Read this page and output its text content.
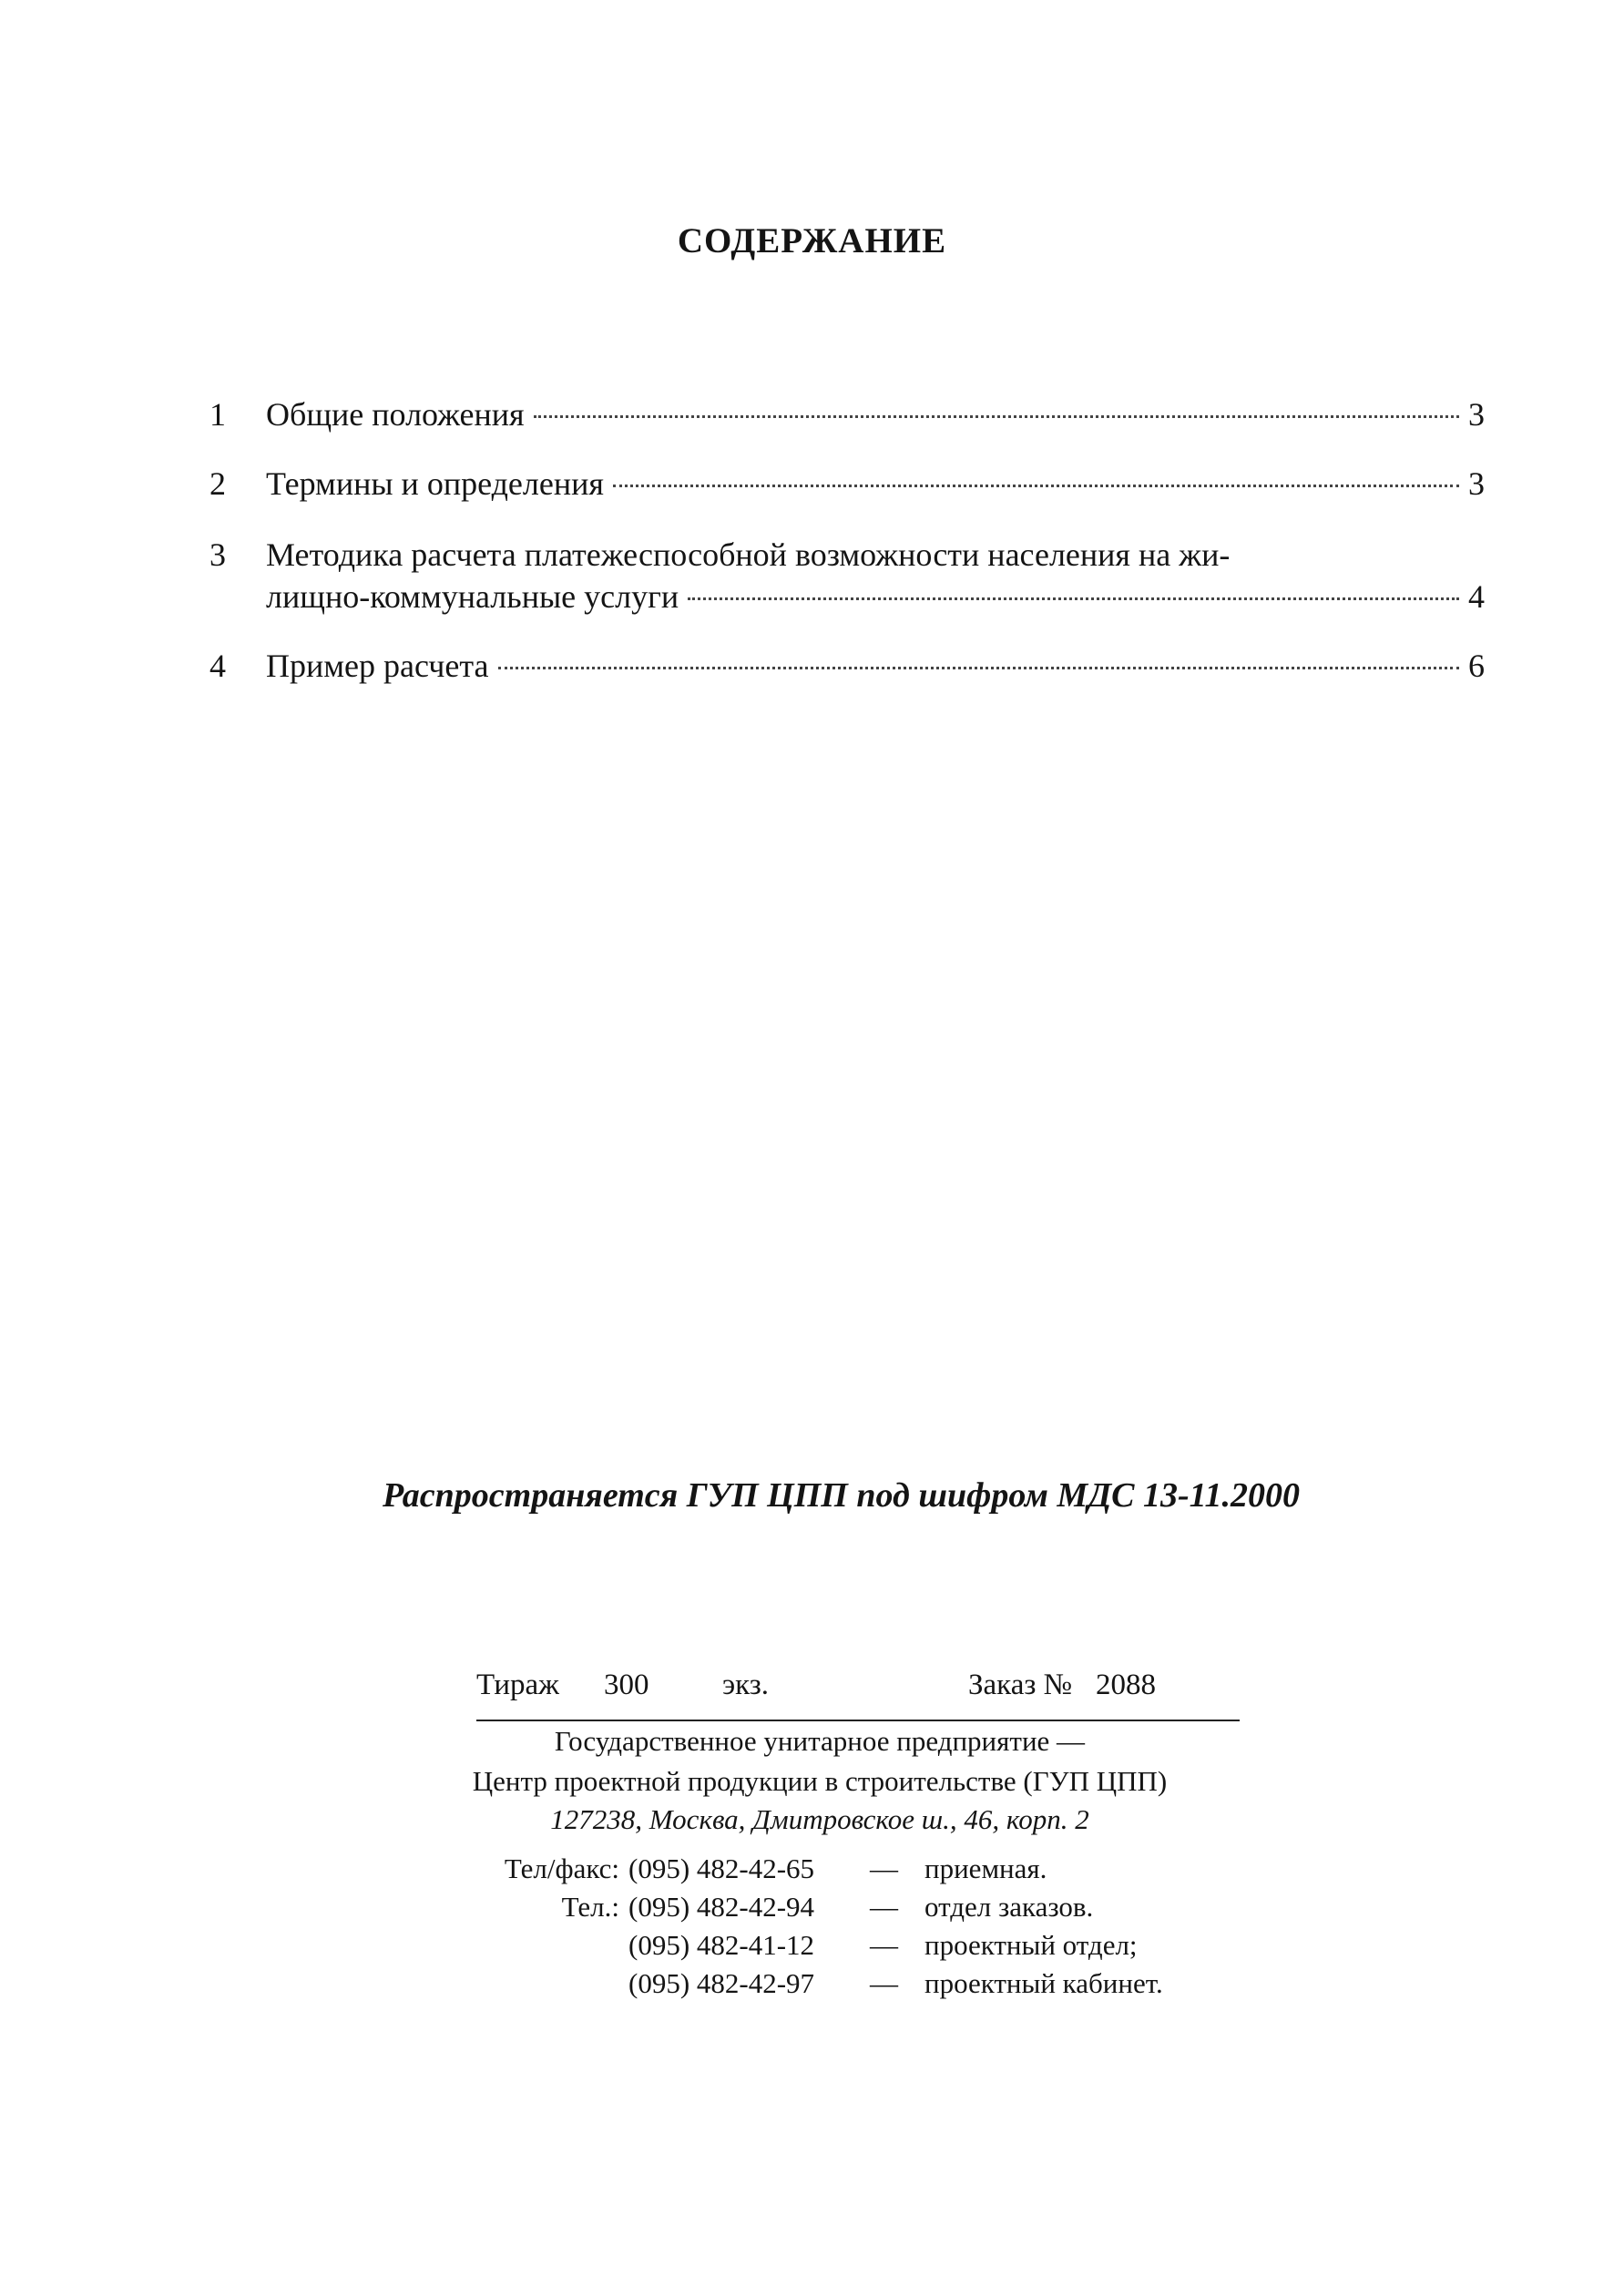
СОДЕРЖАНИЕ
1 Общие положения	3
2 Термины и определения	3
3 Методика расчета платежеспособной возможности населения на жи-
лищно-коммунальные услуги	4
4 Пример расчета	6
Распространяется ГУП ЦПП под шифром МДС 13-11.2000
Тираж 300 экз.	Заказ № 2088
Государственное унитарное предприятие —
Центр проектной продукции в строительстве (ГУП ЦПП)
127238, Москва, Дмитровское ш., 46, корп. 2
Тел/факс: (095) 482-42-65 — приемная.
Тел.: (095) 482-42-94 — отдел заказов.
(095) 482-41-12 — проектный отдел;
(095) 482-42-97 — проектный кабинет.
